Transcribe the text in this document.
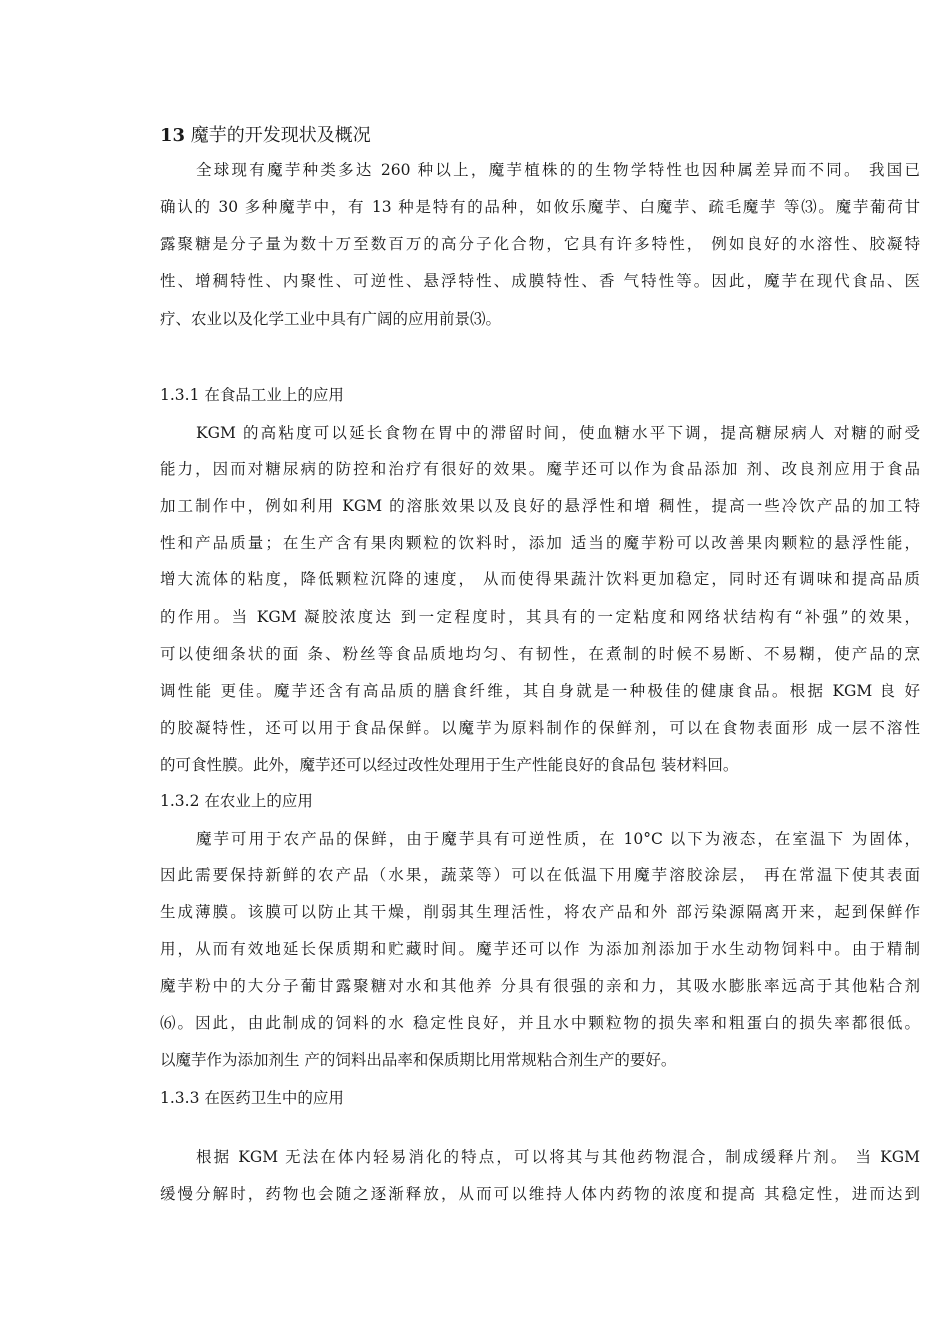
13 魔芋的开发现状及概况
全球现有魔芋种类多达 260 种以上，魔芋植株的的生物学特性也因种属差异而不同。 我国已
确认的 30 多种魔芋中，有 13 种是特有的品种，如攸乐魔芋、白魔芋、疏毛魔芋 等⑶。魔芋葡荷甘
露聚糖是分子量为数十万至数百万的高分子化合物，它具有许多特性， 例如良好的水溶性、胶凝特
性、增稠特性、内聚性、可逆性、悬浮特性、成膜特性、香 气特性等。因此，魔芋在现代食品、医
疗、农业以及化学工业中具有广阔的应用前景⑶。
1.3.1 在食品工业上的应用
KGM 的高粘度可以延长食物在胃中的滞留时间，使血糖水平下调，提高糖尿病人 对糖的耐受
能力，因而对糖尿病的防控和治疗有很好的效果。魔芋还可以作为食品添加 剂、改良剂应用于食品
加工制作中，例如利用 KGM 的溶胀效果以及良好的悬浮性和增 稠性，提高一些冷饮产品的加工特
性和产品质量；在生产含有果肉颗粒的饮料时，添加 适当的魔芋粉可以改善果肉颗粒的悬浮性能，
增大流体的粘度，降低颗粒沉降的速度， 从而使得果蔬汁饮料更加稳定，同时还有调味和提高品质
的作用。当 KGM 凝胶浓度达 到一定程度时，其具有的一定粘度和网络状结构有“补强”的效果，
可以使细条状的面 条、粉丝等食品质地均匀、有韧性，在煮制的时候不易断、不易糊，使产品的烹
调性能 更佳。魔芋还含有高品质的膳食纤维，其自身就是一种极佳的健康食品。根据 KGM 良 好
的胶凝特性，还可以用于食品保鲜。以魔芋为原料制作的保鲜剂，可以在食物表面形 成一层不溶性
的可食性膜。此外，魔芋还可以经过改性处理用于生产性能良好的食品包 装材料回。
1.3.2 在农业上的应用
魔芋可用于农产品的保鲜，由于魔芋具有可逆性质，在 10°C 以下为液态，在室温下 为固体，
因此需要保持新鲜的农产品（水果，蔬菜等）可以在低温下用魔芋溶胶涂层， 再在常温下使其表面
生成薄膜。该膜可以防止其干燥，削弱其生理活性，将农产品和外 部污染源隔离开来，起到保鲜作
用，从而有效地延长保质期和贮藏时间。魔芋还可以作 为添加剂添加于水生动物饲料中。由于精制
魔芋粉中的大分子葡甘露聚糖对水和其他养 分具有很强的亲和力，其吸水膨胀率远高于其他粘合剂
⑹。因此，由此制成的饲料的水 稳定性良好，并且水中颗粒物的损失率和粗蛋白的损失率都很低。
以魔芋作为添加剂生 产的饲料出品率和保质期比用常规粘合剂生产的要好。
1.3.3 在医药卫生中的应用
根据 KGM 无法在体内轻易消化的特点，可以将其与其他药物混合，制成缓释片剂。 当 KGM
缓慢分解时，药物也会随之逐渐释放，从而可以维持人体内药物的浓度和提高 其稳定性，进而达到
